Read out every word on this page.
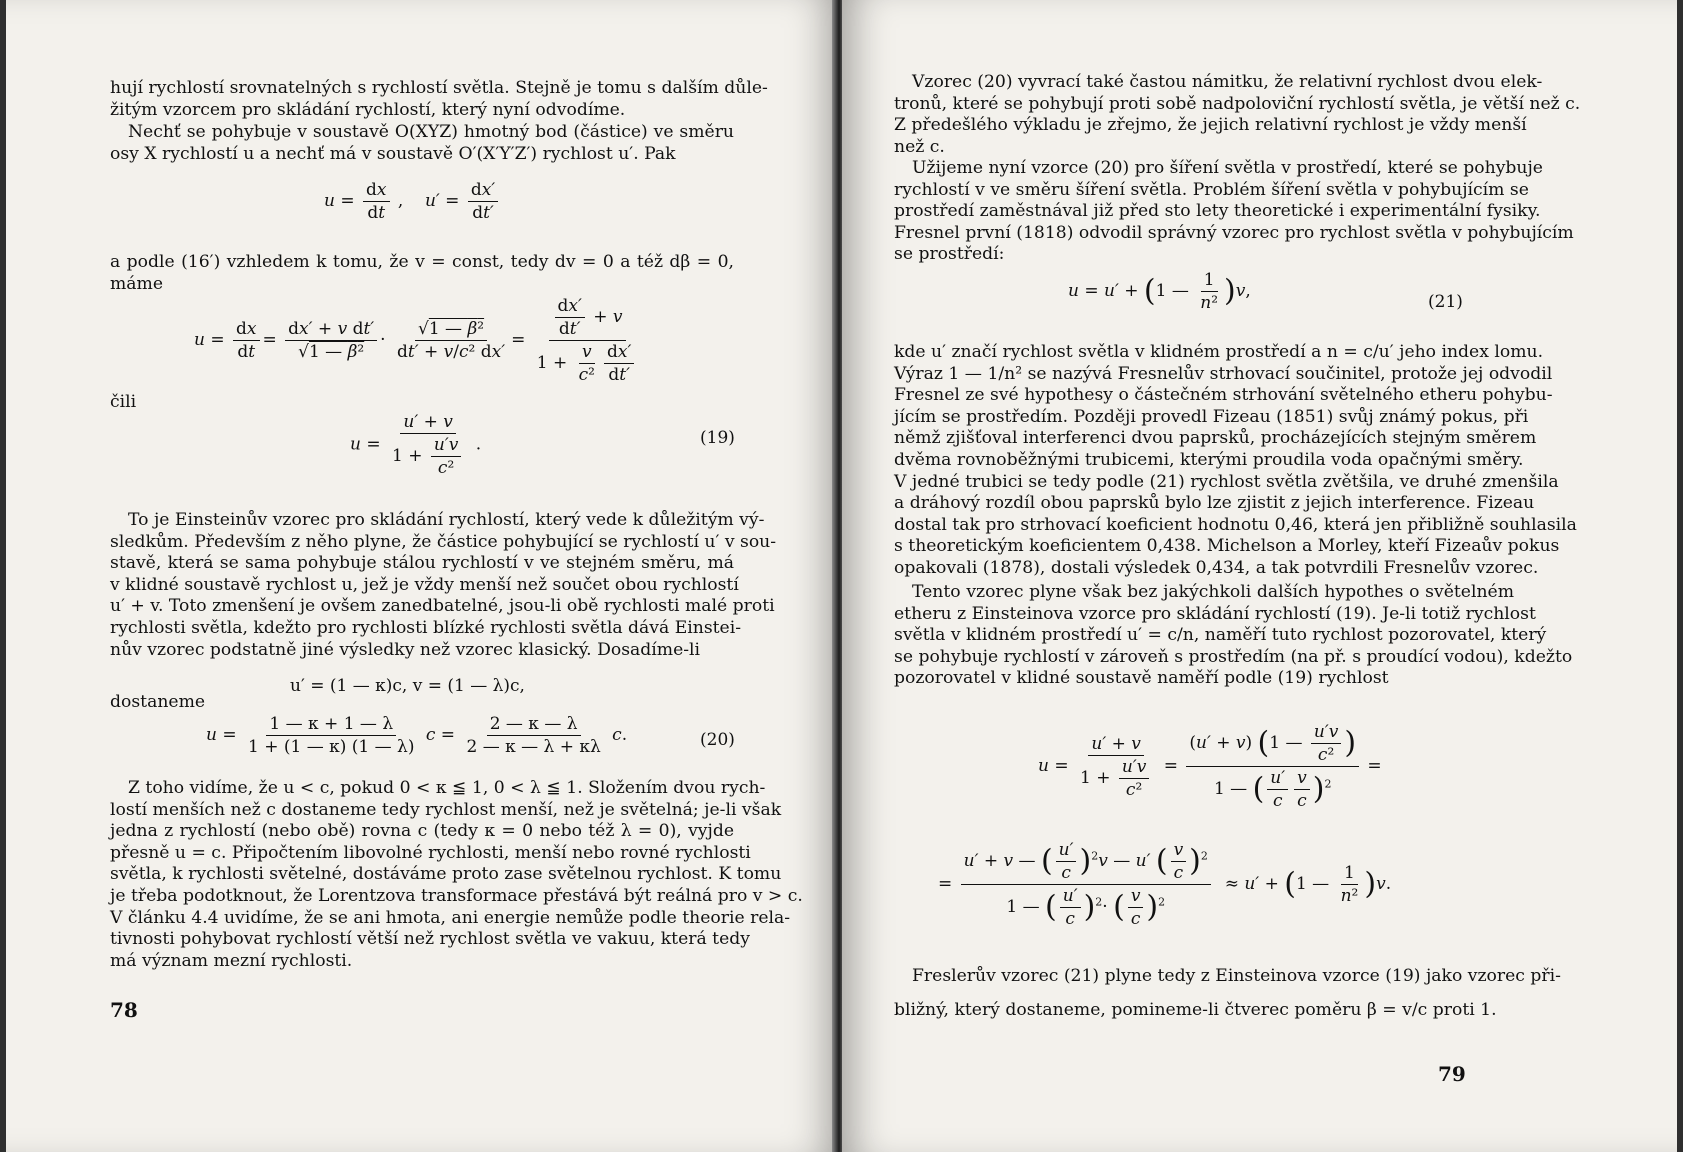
hují rychlostí srovnatelných s rychlostí světla. Stejně je tomu s dalším důle-
žitým vzorcem pro skládání rychlostí, který nyní odvodíme.
Nechť se pohybuje v soustavě O(XYZ) hmotný bod (částice) ve směru
osy X rychlostí u a nechť má v soustavě O′(X′Y′Z′) rychlost u′. Pak
$u = \frac{dx}{dt}$ ,    $u' = \frac{dx'}{dt'}$
a podle (16′) vzhledem k tomu, že v = const, tedy dv = 0 a též dβ = 0,
máme
$u = \frac{dx}{dt} = \frac{\text{dx′ + v dt′}}{\text{√1 — β²}} \cdot \frac{\text{√1 — β²}}{\text{dt′ + v/c² dx′}} = \frac{\frac{dx'}{dt'} + v}{1 + \frac{v}{\text{c²}} \frac{dx'}{dt'}}$
čili
$u = \frac{u' + v}{1 + \frac{u'v}{\text{c²}}}$ .	(19)
To je Einsteinův vzorec pro skládání rychlostí, který vede k důležitým vý-
sledkům. Především z něho plyne, že částice pohybující se rychlostí u′ v sou-
stavě, která se sama pohybuje stálou rychlostí v ve stejném směru, má
v klidné soustavě rychlost u, jež je vždy menší než součet obou rychlostí
u′ + v. Toto zmenšení je ovšem zanedbatelné, jsou-li obě rychlosti malé proti
rychlosti světla, kdežto pro rychlosti blízké rychlosti světla dává Einstei-
nův vzorec podstatně jiné výsledky než vzorec klasický. Dosadíme-li
u′ = (1 — κ)c, v = (1 — λ)c,
dostaneme
$u = \frac{1 — \kappa + 1 — \lambda}{1 + (1 — \kappa) (1 — \lambda)}$ $c = \frac{2 — \kappa — \lambda}{2 — \kappa — \lambda + \kappa\lambda} c$.	(20)
Z toho vidíme, že u < c, pokud 0 < κ ≦ 1, 0 < λ ≦ 1. Složením dvou rych-
lostí menších než c dostaneme tedy rychlost menší, než je světelná; je-li však
jedna z rychlostí (nebo obě) rovna c (tedy κ = 0 nebo též λ = 0), vyjde
přesně u = c. Připočtením libovolné rychlosti, menší nebo rovné rychlosti
světla, k rychlosti světelné, dostáváme proto zase světelnou rychlost. K tomu
je třeba podotknout, že Lorentzova transformace přestává být reálná pro v > c.
V článku 4.4 uvidíme, že se ani hmota, ani energie nemůže podle theorie rela-
tivnosti pohybovat rychlostí větší než rychlost světla ve vakuu, která tedy
má význam mezní rychlosti.
78
Vzorec (20) vyvrací také častou námitku, že relativní rychlost dvou elek-
tronů, které se pohybují proti sobě nadpoloviční rychlostí světla, je větší než c.
Z předešlého výkladu je zřejmo, že jejich relativní rychlost je vždy menší
než c.
Užijeme nyní vzorce (20) pro šíření světla v prostředí, které se pohybuje
rychlostí v ve směru šíření světla. Problém šíření světla v pohybujícím se
prostředí zaměstnával již před sto lety theoretické i experimentální fysiky.
Fresnel první (1818) odvodil správný vzorec pro rychlost světla v pohybujícím
se prostředí:
u = u′ + (1 — $\frac{1}{\text{n²}} )v$,
(21)
kde u′ značí rychlost světla v klidném prostředí a n = c/u′ jeho index lomu.
Výraz 1 — 1/n² se nazývá Fresnelův strhovací součinitel, protože jej odvodil
Fresnel ze své hypothesy o částečném strhování světelného etheru pohybu-
jícím se prostředím. Později provedl Fizeau (1851) svůj známý pokus, při
němž zjišťoval interferenci dvou paprsků, procházejících stejným směrem
dvěma rovnoběžnými trubicemi, kterými proudila voda opačnými směry.
V jedné trubici se tedy podle (21) rychlost světla zvětšila, ve druhé zmenšila
a dráhový rozdíl obou paprsků bylo lze zjistit z jejich interference. Fizeau
dostal tak pro strhovací koeficient hodnotu 0,46, která jen přibližně souhlasila
s theoretickým koeficientem 0,438. Michelson a Morley, kteří Fizeaův pokus
opakovali (1878), dostali výsledek 0,434, a tak potvrdili Fresnelův vzorec.
Tento vzorec plyne však bez jakýchkoli dalších hypothes o světelném
etheru z Einsteinova vzorce pro skládání rychlostí (19). Je-li totiž rychlost
světla v klidném prostředí u′ = c/n, naměří tuto rychlost pozorovatel, který
se pohybuje rychlostí v zároveň s prostředím (na př. s proudící vodou), kdežto
pozorovatel v klidné soustavě naměří podle (19) rychlost
$u = \frac{u' + v}{1 + \frac{u'v}{\text{c²}}} = \frac{(u' + v) (1 — \frac{u'v}{\text{c²}} )}{1 — ( \frac{u'}{c} \frac{v}{c} )^2}$ =
= $\frac{u' + v — ( \frac{u'}{c} )^2v — u' ( \frac{v}{c} )^2}{1 — ( \frac{u'}{c} )^2\cdot ( \frac{v}{c} )^2} \approx u' + (1$ — $\frac{1}{\text{n²}} )v$.
Freslerův vzorec (21) plyne tedy z Einsteinova vzorce (19) jako vzorec při-
bližný, který dostaneme, pomineme-li čtverec poměru β = v/c proti 1.
79
